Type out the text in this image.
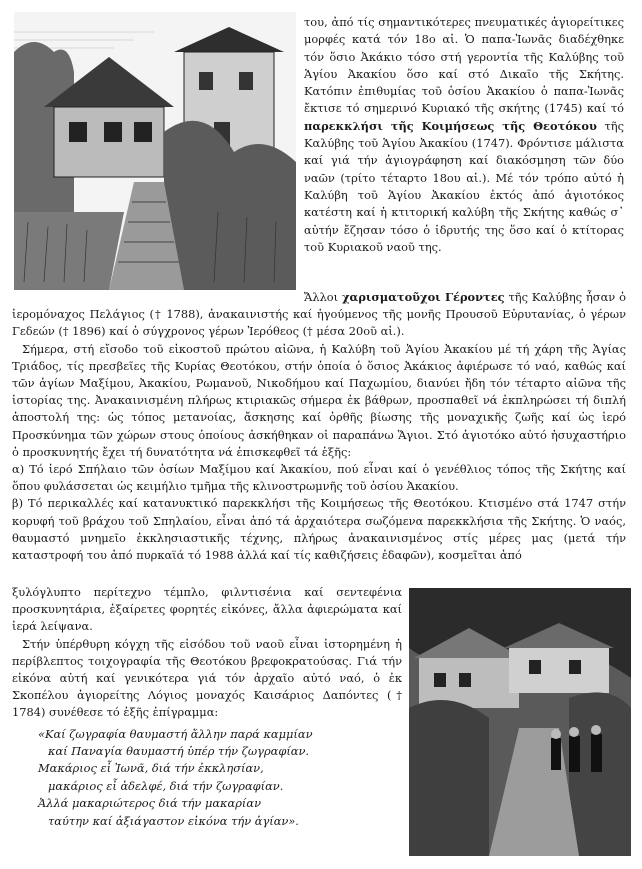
του, ἀπό τίς σημαντικότερες πνευματικές ἁγιορείτικες μορφές κατά τόν 18ο αἰ. Ὁ παπα-Ἰωνᾶς διαδέχθηκε τόν ὅσιο Ἀκάκιο τόσο στή γεροντία τῆς Καλύβης τοῦ Ἁγίου Ἀκακίου ὅσο καί στό Δικαῖο τῆς Σκήτης. Κατόπιν ἐπιθυμίας τοῦ ὁσίου Ἀκακίου ὁ παπα-Ἰωνᾶς ἔκτισε τό σημερινό Κυριακό τῆς σκήτης (1745) καί τό παρεκκλήσι τῆς Κοιμήσεως τῆς Θεοτόκου τῆς Καλύβης τοῦ Ἁγίου Ἀκακίου (1747). Φρόντισε μάλιστα καί γιά τήν ἁγιογράφηση καί διακόσμηση τῶν δύο ναῶν (τρίτο τέταρτο 18ου αἰ.). Μέ τόν τρόπο αὐτό ἡ Καλύβη τοῦ Ἁγίου Ἀκακίου ἐκτός ἀπό ἁγιοτόκος κατέστη καί ἡ κτιτορική καλύβη τῆς Σκήτης καθώς σ᾽ αὐτήν ἔζησαν τόσο ὁ ἱδρυτής της ὅσο καί ὁ κτίτορας τοῦ Κυριακοῦ ναοῦ της.

Ἄλλοι χαρισματοῦχοι Γέροντες τῆς Καλύβης ἦσαν ὁ ἱερομόναχος Πελάγιος († 1788), ἀνακαινιστής καί ἡγούμενος τῆς μονῆς Προυσοῦ Εὐρυτανίας, ὁ γέρων Γεδεών († 1896) καί ὁ σύγχρονος γέρων Ἰερόθεος († μέσα 20οῦ αἰ.).

Σήμερα, στή εἴσοδο τοῦ εἰκοστοῦ πρώτου αἰῶνα, ἡ Καλύβη τοῦ Ἁγίου Ἀκακίου μέ τή χάρη τῆς Ἁγίας Τριάδος, τίς πρεσβεῖες τῆς Κυρίας Θεοτόκου, στήν ὁποία ὁ ὅσιος Ἀκάκιος ἀφιέρωσε τό ναό, καθώς καί τῶν ἁγίων Μαξίμου, Ἀκακίου, Ρωμανοῦ, Νικοδήμου καί Παχωμίου, διανύει ἤδη τόν τέταρτο αἰῶνα τῆς ἱστορίας της. Ἀνακαινισμένη πλήρως κτιριακῶς σήμερα ἐκ βάθρων, προσπαθεῖ νά ἐκπληρώσει τή διπλή ἀποστολή της: ὡς τόπος μετανοίας, ἄσκησης καί ὀρθῆς βίωσης τῆς μοναχικῆς ζωῆς καί ὡς ἱερό Προσκύνημα τῶν χώρων στους ὁποίους ἀσκήθηκαν οἱ παραπάνω Ἅγιοι. Στό ἁγιοτόκο αὐτό ἡσυχαστήριο ὁ προσκυνητής ἔχει τή δυνατότητα νά ἐπισκεφθεῖ τά ἑξῆς:

α) Τό ἱερό Σπήλαιο τῶν ὁσίων Μαξίμου καί Ἀκακίου, πού εἶναι καί ὁ γενέθλιος τόπος τῆς Σκήτης καί ὅπου φυλάσσεται ὡς κειμήλιο τμῆμα τῆς κλινοστρωμνῆς τοῦ ὁσίου Ἀκακίου.

β) Τό περικαλλές καί κατανυκτικό παρεκκλήσι τῆς Κοιμήσεως τῆς Θεοτόκου. Κτισμένο στά 1747 στήν κορυφή τοῦ βράχου τοῦ Σπηλαίου, εἶναι ἀπό τά ἀρχαιότερα σωζόμενα παρεκκλήσια τῆς Σκήτης. Ὁ ναός, θαυμαστό μνημεῖο ἐκκλησιαστικῆς τέχνης, πλήρως ἀνακαινισμένος στίς μέρες μας (μετά τήν καταστροφή του ἀπό πυρκαϊά τό 1988 ἀλλά καί τίς καθιζήσεις ἐδαφῶν), κοσμεῖται ἀπό

ξυλόγλυπτο περίτεχνο τέμπλο, φιλντισένια καί σεντεφένια προσκυνητάρια, ἐξαίρετες φορητές εἰκόνες, ἄλλα ἀφιερώματα καί ἱερά λείψανα.

Στήν ὑπέρθυρη κόγχη τῆς εἰσόδου τοῦ ναοῦ εἶναι ἱστορημένη ἡ περίβλεπτος τοιχογραφία τῆς Θεοτόκου βρεφοκρατούσας. Γιά τήν εἰκόνα αὐτή καί γενικότερα γιά τόν ἀρχαῖο αὐτό ναό, ὁ ἐκ Σκοπέλου ἁγιορείτης Λόγιος μοναχός Καισάριος Δαπόντες († 1784) συνέθεσε τό ἑξῆς ἐπίγραμμα:

«Καί ζωγραφία θαυμαστή ἄλλην παρά καμμίαν
καί Παναγία θαυμαστή ὑπέρ τήν ζωγραφίαν.
Μακάριος εἶ Ἰωνᾶ, διά τήν ἐκκλησίαν,
μακάριος εἶ ἀδελφέ, διά τήν ζωγραφίαν.
Ἀλλά μακαριώτερος διά τήν μακαρίαν
ταύτην καί ἀξιάγαστον εἰκόνα τήν ἁγίαν».
